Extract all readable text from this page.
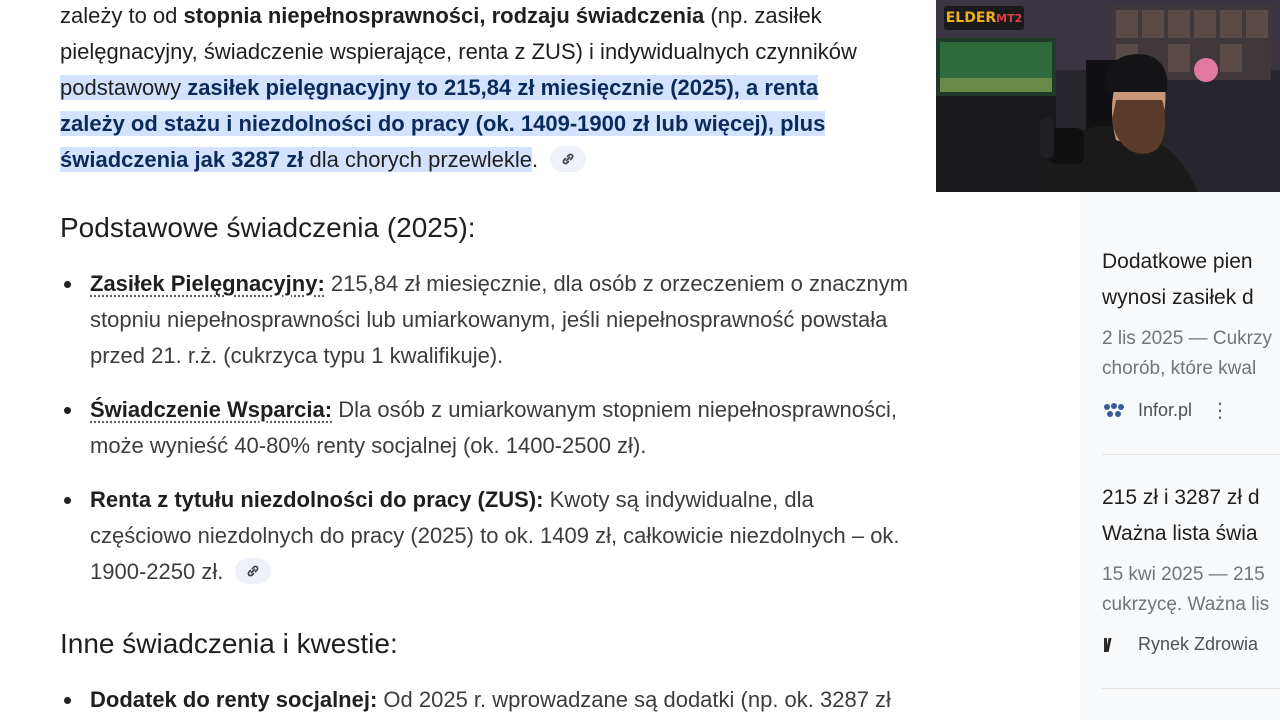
zależy to od stopnia niepełnosprawności, rodzaju świadczenia (np. zasiłek
pielęgnacyjny, świadczenie wspierające, renta z ZUS) i indywidualnych czynników
podstawowy zasiłek pielęgnacyjny to 215,84 zł miesięcznie (2025), a renta
zależy od stażu i niezdolności do pracy (ok. 1409-1900 zł lub więcej), plus
świadczenia jak 3287 zł dla chorych przewlekle.
Podstawowe świadczenia (2025):
Zasiłek Pielęgnacyjny: 215,84 zł miesięcznie, dla osób z orzeczeniem o znacznym
stopniu niepełnosprawności lub umiarkowanym, jeśli niepełnosprawność powstała
przed 21. r.ż. (cukrzyca typu 1 kwalifikuje).
Świadczenie Wsparcia: Dla osób z umiarkowanym stopniem niepełnosprawności,
może wynieść 40-80% renty socjalnej (ok. 1400-2500 zł).
Renta z tytułu niezdolności do pracy (ZUS): Kwoty są indywidualne, dla
częściowo niezdolnych do pracy (2025) to ok. 1409 zł, całkowicie niezdolnych – ok.
1900-2250 zł.
Inne świadczenia i kwestie:
Dodatek do renty socjalnej: Od 2025 r. wprowadzane są dodatki (np. ok. 3287 zł
Dodatkowe pien
wynosi zasiłek d
2 lis 2025 — Cukrzy
chorób, które kwal
Infor.pl ⋮
215 zł i 3287 zł d
Ważna lista świa
15 kwi 2025 — 215
cukrzycę. Ważna lis
Rynek Zdrowia
ELDER MT2
